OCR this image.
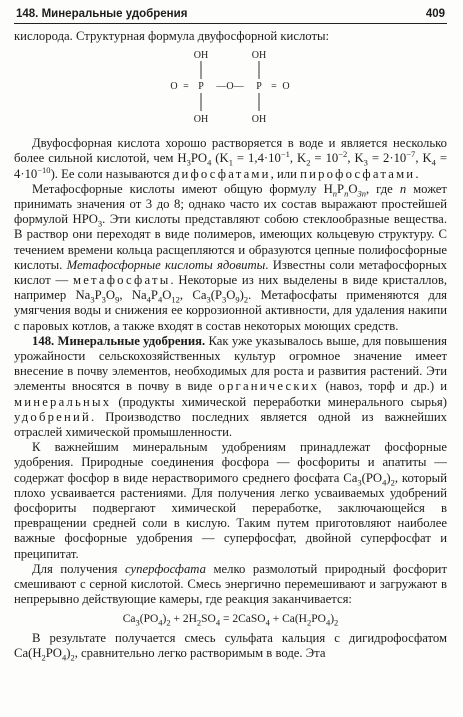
148. Минеральные удобрения	409

кислорода. Структурная формула двуфосфорной кислоты:

OH	OH
O = P —O— P = O
OH	OH

Двуфосфорная кислота хорошо растворяется в воде и является несколько более сильной кислотой, чем $H_3PO_4$ ($K_1 = 1,4\cdot 10^{-1}$, $K_2 = 10^{-2}$, $K_3 = 2\cdot 10^{-7}$, $K_4 = 4\cdot 10^{-10}$). Ее соли называются дифосфатами, или пирофосфатами.

Метафосфорные кислоты имеют общую формулу $H_nP_nO_{3n}$, где n может принимать значения от 3 до 8; однако часто их состав выражают простейшей формулой $HPO_3$. Эти кислоты представляют собою стеклообразные вещества. В раствор они переходят в виде полимеров, имеющих кольцевую структуру. С течением времени кольца расщепляются и образуются цепные полифосфорные кислоты. Метафосфорные кислоты ядовиты. Известны соли метафосфорных кислот — метафосфаты. Некоторые из них выделены в виде кристаллов, например $Na_3P_3O_9$, $Na_4P_4O_{12}$, $Ca_3(P_3O_9)_2$. Метафосфаты применяются для умягчения воды и снижения ее коррозионной активности, для удаления накипи с паровых котлов, а также входят в состав некоторых моющих средств.

148. Минеральные удобрения. Как уже указывалось выше, для повышения урожайности сельскохозяйственных культур огромное значение имеет внесение в почву элементов, необходимых для роста и развития растений. Эти элементы вносятся в почву в виде органических (навоз, торф и др.) и минеральных (продукты химической переработки минерального сырья) удобрений. Производство последних является одной из важнейших отраслей химической промышленности.

К важнейшим минеральным удобрениям принадлежат фосфорные удобрения. Природные соединения фосфора — фосфориты и апатиты — содержат фосфор в виде нерастворимого среднего фосфата $Ca_3(PO_4)_2$, который плохо усваивается растениями. Для получения легко усваиваемых удобрений фосфориты подвергают химической переработке, заключающейся в превращении средней соли в кислую. Таким путем приготовляют наиболее важные фосфорные удобрения — суперфосфат, двойной суперфосфат и преципитат.

Для получения суперфосфата мелко размолотый природный фосфорит смешивают с серной кислотой. Смесь энергично перемешивают и загружают в непрерывно действующие камеры, где реакция заканчивается:

$Ca_3(PO_4)_2 + 2H_2SO_4$ = 2CaSO$_4$ + $Ca(H_2PO_4)_2$

В результате получается смесь сульфата кальция с дигидрофосфатом $Ca(H_2PO_4)_2$, сравнительно легко растворимым в воде. Эта
